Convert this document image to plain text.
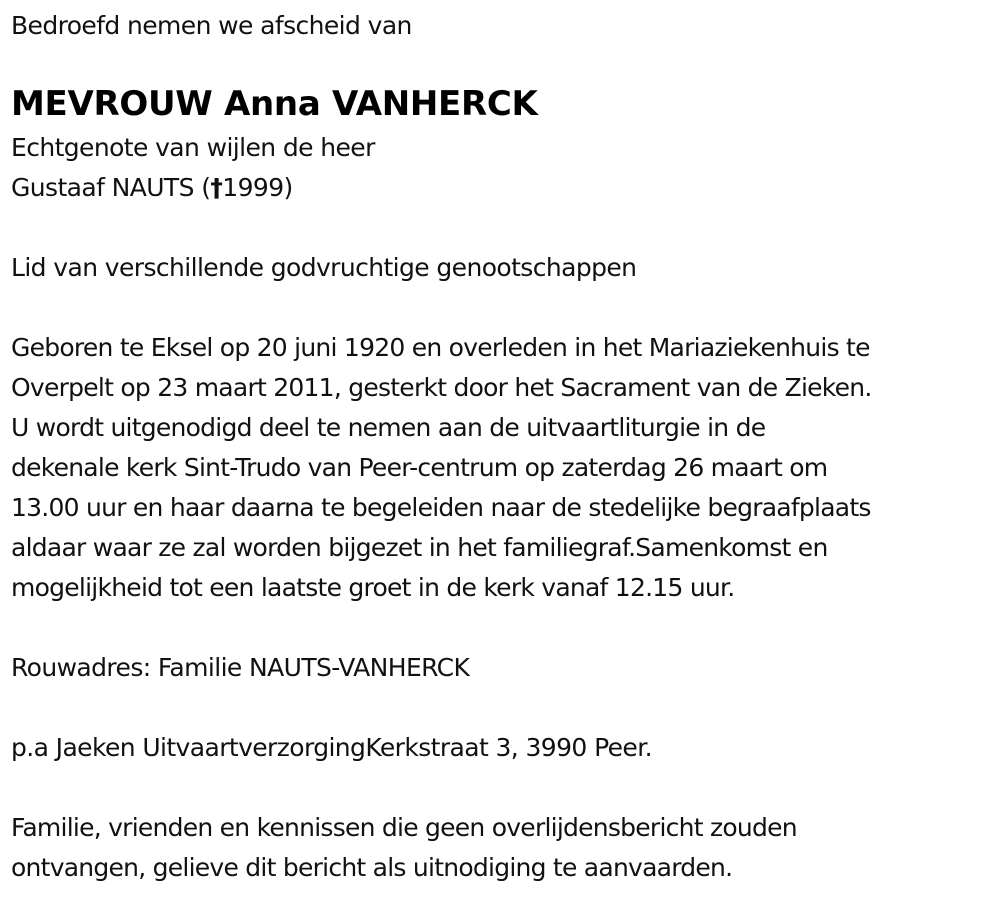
Bedroefd nemen we afscheid van

MEVROUW Anna VANHERCK

Echtgenote van wijlen de heer

Gustaaf NAUTS (†1999)

Lid van verschillende godvruchtige genootschappen

Geboren te Eksel op 20 juni 1920 en overleden in het Mariaziekenhuis te

Overpelt op 23 maart 2011, gesterkt door het Sacrament van de Zieken.

U wordt uitgenodigd deel te nemen aan de uitvaartliturgie in de

dekenale kerk Sint-Trudo van Peer-centrum op zaterdag 26 maart om

13.00 uur en haar daarna te begeleiden naar de stedelijke begraafplaats

aldaar waar ze zal worden bijgezet in het familiegraf.Samenkomst en

mogelijkheid tot een laatste groet in de kerk vanaf 12.15 uur.

Rouwadres: Familie NAUTS-VANHERCK

p.a Jaeken UitvaartverzorgingKerkstraat 3, 3990 Peer.

Familie, vrienden en kennissen die geen overlijdensbericht zouden

ontvangen, gelieve dit bericht als uitnodiging te aanvaarden.
